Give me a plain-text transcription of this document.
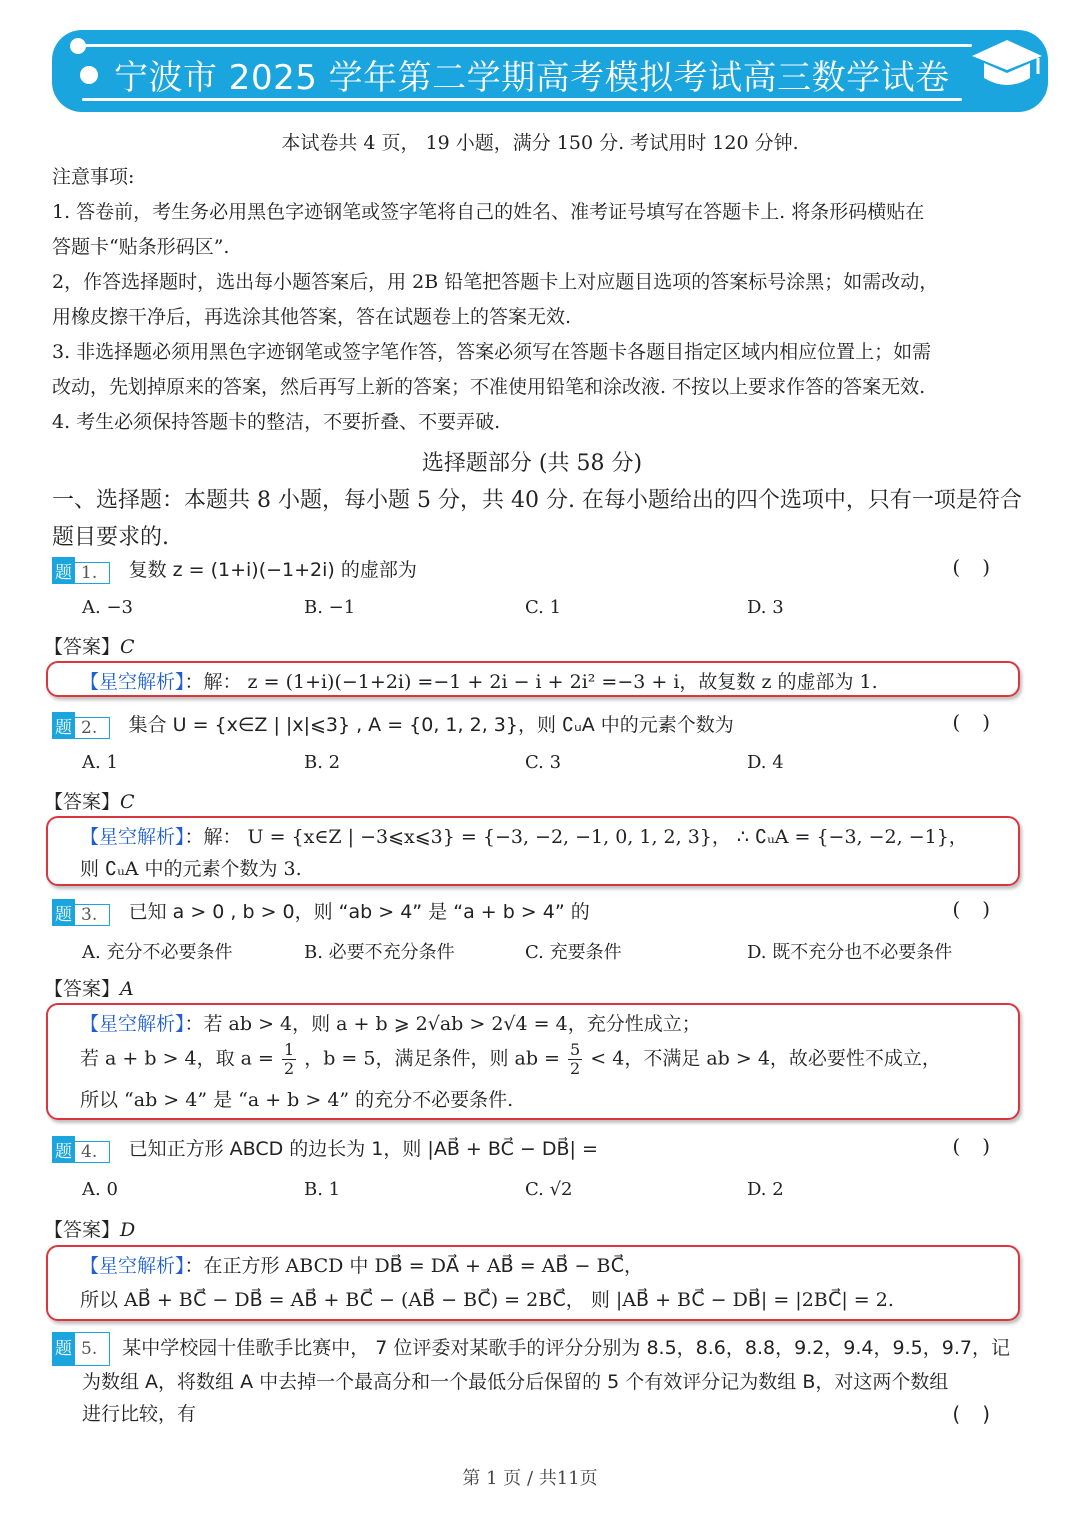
宁波市 2025 学年第二学期高考模拟考试高三数学试卷
本试卷共 4 页， 19 小题，满分 150 分. 考试用时 120 分钟.
注意事项:
1. 答卷前，考生务必用黑色字迹钢笔或签字笔将自己的姓名、准考证号填写在答题卡上. 将条形码横贴在
答题卡“贴条形码区”.
2，作答选择题时，选出每小题答案后，用 2B 铅笔把答题卡上对应题目选项的答案标号涂黑；如需改动，
用橡皮擦干净后，再选涂其他答案，答在试题卷上的答案无效.
3. 非选择题必须用黑色字迹钢笔或签字笔作答，答案必须写在答题卡各题目指定区域内相应位置上；如需
改动，先划掉原来的答案，然后再写上新的答案；不准使用铅笔和涂改液. 不按以上要求作答的答案无效.
4. 考生必须保持答题卡的整洁，不要折叠、不要弄破.
选择题部分 (共 58 分)
一、选择题：本题共 8 小题，每小题 5 分，共 40 分. 在每小题给出的四个选项中，只有一项是符合题目要求的.
题 1. 复数 z = (1+i)(−1+2i) 的虚部为	()
A. −3	B. −1	C. 1	D. 3
【答案】C
【星空解析】：解： z = (1+i)(−1+2i) =−1 + 2i − i + 2i² =−3 + i，故复数 z 的虚部为 1.
题 2. 集合 U = {x∈Z | |x|⩽3} , A = {0, 1, 2, 3}，则 ∁ᵤA 中的元素个数为	()
A. 1	B. 2	C. 3	D. 4
【答案】C
【星空解析】：解： U = {x∈Z | −3⩽x⩽3} = {−3, −2, −1, 0, 1, 2, 3}， ∴ ∁ᵤA = {−3, −2, −1}，
则 ∁ᵤA 中的元素个数为 3.
题 3. 已知 a > 0 , b > 0，则 “ab > 4” 是 “a + b > 4” 的	()
A. 充分不必要条件	B. 必要不充分条件	C. 充要条件	D. 既不充分也不必要条件
【答案】A
【星空解析】：若 ab > 4，则 a + b ⩾ 2√ab > 2√4 = 4，充分性成立；
若 a + b > 4，取 $a = \frac{1}{2}$ ，b = 5，满足条件，则 ab = $\frac{5}{2} < 4$，不满足 ab > 4，故必要性不成立，
所以 “ab > 4” 是 “a + b > 4” 的充分不必要条件.
题 4. 已知正方形 ABCD 的边长为 1，则 |AB⃗ + BC⃗ − DB⃗| =	()
A. 0	B. 1	C. √2	D. 2
【答案】D
【星空解析】：在正方形 ABCD 中 DB⃗ = DA⃗ + AB⃗ = AB⃗ − BC⃗，
所以 AB⃗ + BC⃗ − DB⃗ = AB⃗ + BC⃗ − (AB⃗ − BC⃗) = 2BC⃗， 则 |AB⃗ + BC⃗ − DB⃗| = |2BC⃗| = 2.
题 5. 某中学校园十佳歌手比赛中， 7 位评委对某歌手的评分分别为 8.5，8.6，8.8，9.2，9.4，9.5，9.7，记
为数组 A，将数组 A 中去掉一个最高分和一个最低分后保留的 5 个有效评分记为数组 B，对这两个数组
进行比较，有	()
第 1 页 / 共11页
